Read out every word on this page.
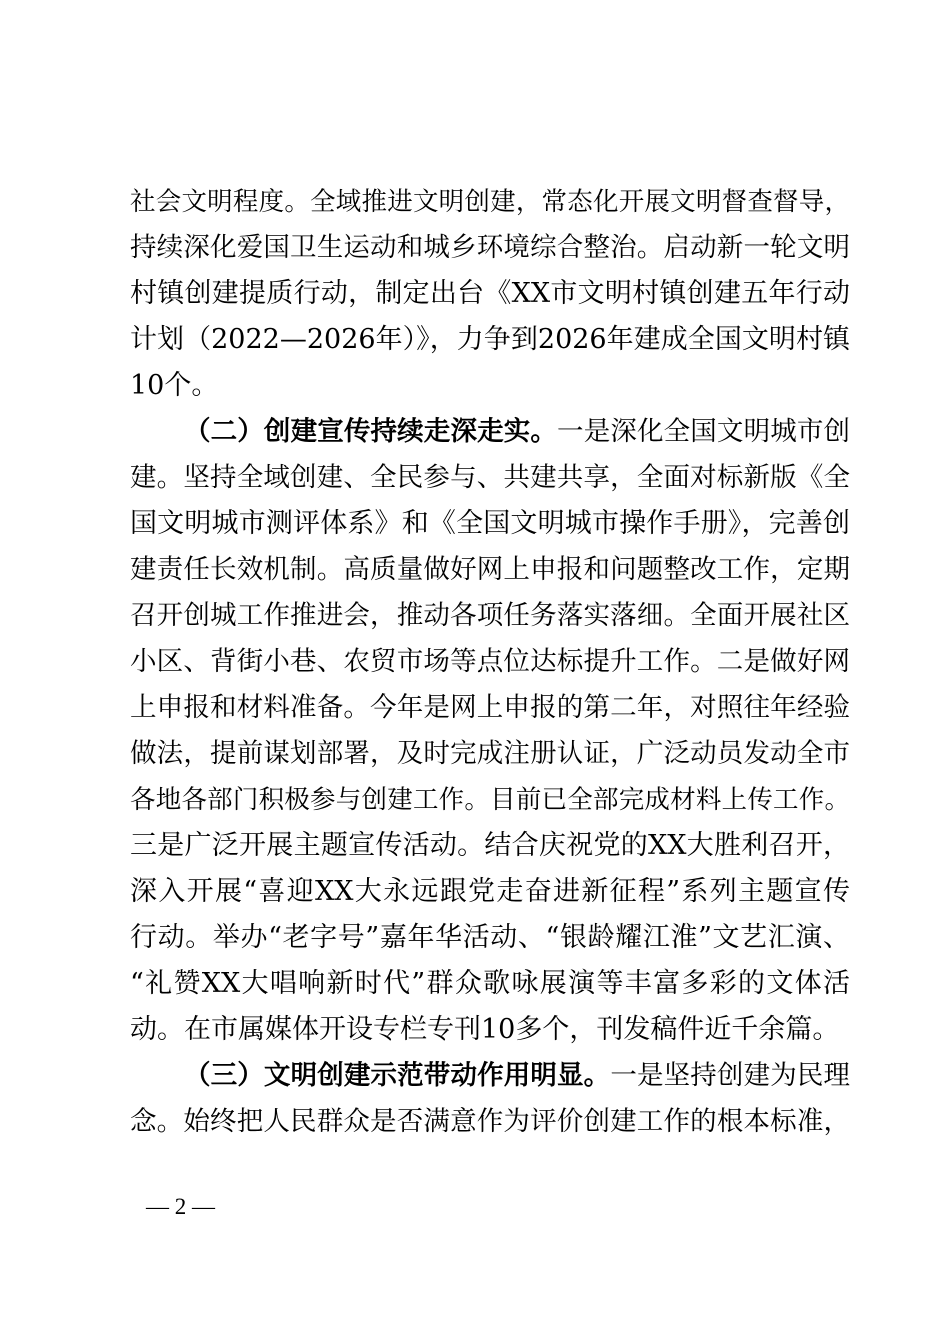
社会文明程度。全域推进文明创建，常态化开展文明督查督导，
持续深化爱国卫生运动和城乡环境综合整治。启动新一轮文明
村镇创建提质行动，制定出台《XX市文明村镇创建五年行动
计划（2022—2026年）》，力争到2026年建成全国文明村镇
10个。
（二）创建宣传持续走深走实。一是深化全国文明城市创
建。坚持全域创建、全民参与、共建共享，全面对标新版《全
国文明城市测评体系》和《全国文明城市操作手册》，完善创
建责任长效机制。高质量做好网上申报和问题整改工作，定期
召开创城工作推进会，推动各项任务落实落细。全面开展社区
小区、背街小巷、农贸市场等点位达标提升工作。二是做好网
上申报和材料准备。今年是网上申报的第二年，对照往年经验
做法，提前谋划部署，及时完成注册认证，广泛动员发动全市
各地各部门积极参与创建工作。目前已全部完成材料上传工作。
三是广泛开展主题宣传活动。结合庆祝党的XX大胜利召开，
深入开展“喜迎XX大永远跟党走奋进新征程”系列主题宣传
行动。举办“老字号”嘉年华活动、“银龄耀江淮”文艺汇演、
“礼赞XX大唱响新时代”群众歌咏展演等丰富多彩的文体活
动。在市属媒体开设专栏专刊10多个，刊发稿件近千余篇。
（三）文明创建示范带动作用明显。一是坚持创建为民理
念。始终把人民群众是否满意作为评价创建工作的根本标准，
— 2 —
